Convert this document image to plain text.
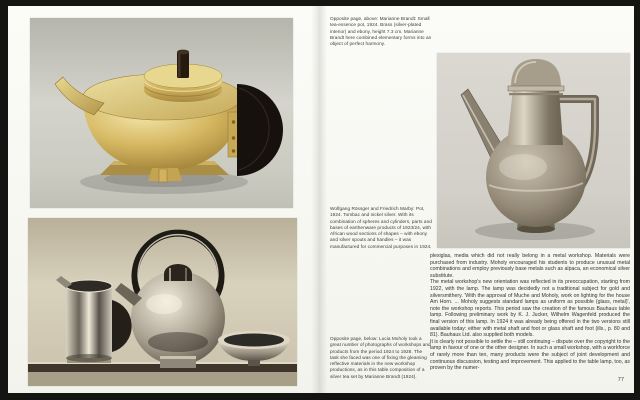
Opposite page, above: Marianne Brandt: Small tea-essence pot, 1924. Brass (silver-plated interior) and ebony, height 7.3 cm. Marianne Brandt here combined elementary forms into an object of perfect harmony.

Wolfgang Rössger and Friedrich Marby: Pot, 1924. Tombac and nickel silver. With its combination of spheres and cylinders, parts and bases of earthenware products of 1923/24, with African wood sections of shapes – with ebony and silver spouts and handles – it was manufactured for commercial purposes in 1924.

plexiglas, media which did not really belong in a metal workshop. Materials were purchased from industry. Moholy encouraged his students to produce unusual metal combinations and employ previously base metals such as alpaca, an economical silver substitute.

The metal workshop's new orientation was reflected in its preoccupation, starting from 1922, with the lamp. The lamp was decidedly not a traditional subject for gold and silversmithery. 'With the approval of Muche and Moholy, work on lighting for the house Am Horn. ... Moholy suggests standard lamps as uniform as possible (glass, metal)', note the workshop reports. This period saw the creation of the famous Bauhaus table lamp. Following preliminary work by K. J. Jucker, Wilhelm Wagenfeld produced the final version of this lamp. In 1924 it was already being offered in the two versions still available today: either with metal shaft and foot or glass shaft and foot (ills., p. 80 and 81). Bauhaus Ltd. also supplied both models.

It is clearly not possible to settle the – still continuing – dispute over the copyright to the lamp in favour of one or the other designer. In such a small workshop, with a workforce of rarely more than ten, many products were the subject of joint development and continuous discussion, testing and improvement. This applied to the table lamp, too, as proven by the numer-

Opposite page, below: Lucia Moholy took a great number of photographs of workshops and products from the period 1924 to 1928. The task she faced was one of fixing the gleaming reflective materials in the new workshop productions, as in this table composition of a silver tea set by Marianne Brandt (1924).

77
